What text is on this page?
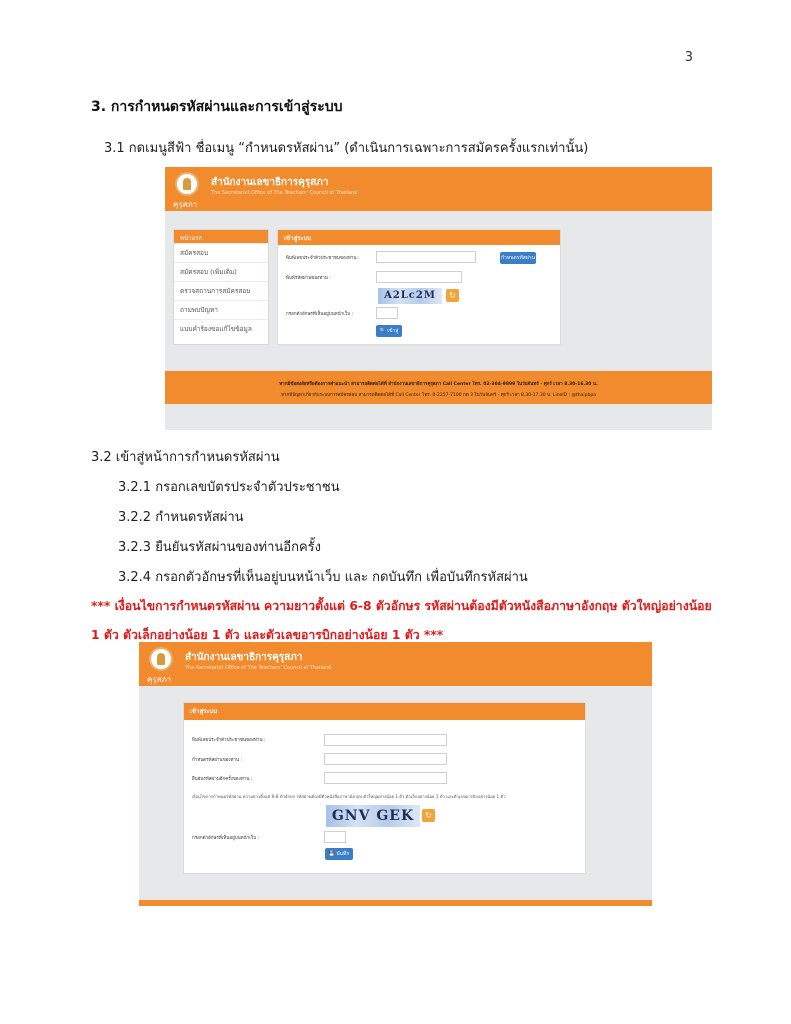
3
3. การกำหนดรหัสผ่านและการเข้าสู่ระบบ
3.1 กดเมนูสีฟ้า ชื่อเมนู “กำหนดรหัสผ่าน” (ดำเนินการเฉพาะการสมัครครั้งแรกเท่านั้น)
คุรุสภา
สำนักงานเลขาธิการคุรุสภา
The Secretariat Office of The Teachers' Council of Thailand
หน้าแรก
สมัครสอบ
สมัครสอบ (เพิ่มเติม)
ตรวจสถานการสมัครสอบ
ถามพบปัญหา
แบบคำร้องขอแก้ไขข้อมูล
เข้าสู่ระบบ
พิมพ์เลขประจำตัวประชาชนของท่าน :	กำหนดรหัสผ่าน
พิมพ์รหัสผ่านของท่าน :
A2Lc2M	↻
กรอกตัวอักษรที่เห็นอยู่บนหน้าเว็บ :
🔍 เข้าสู่ระบบ
หากมีข้อสงสัยหรือต้องการคำแนะนำ สามารถติดต่อได้ที่ สำนักงานเลขาธิการคุรุสภา Call Center โทร. 02-304-9899 ในวันจันทร์ - ศุกร์ เวลา 8.30-16.30 น.
หากมีปัญหาเกี่ยวกับระบบการสมัครสอบ สามารถติดต่อได้ที่ Call Center โทร. 0-2257-7100 กด 3 ในวันจันทร์ - ศุกร์ เวลา 8.30-17.30 น. LineID : @thaipbpa
3.2 เข้าสู่หน้าการกำหนดรหัสผ่าน
3.2.1 กรอกเลขบัตรประจำตัวประชาชน
3.2.2 กำหนดรหัสผ่าน
3.2.3 ยืนยันรหัสผ่านของท่านอีกครั้ง
3.2.4 กรอกตัวอักษรที่เห็นอยู่บนหน้าเว็บ และ กดบันทึก เพื่อบันทึกรหัสผ่าน
*** เงื่อนไขการกำหนดรหัสผ่าน ความยาวตั้งแต่ 6-8 ตัวอักษร รหัสผ่านต้องมีตัวหนังสือภาษาอังกฤษ ตัวใหญ่อย่างน้อย
1 ตัว ตัวเล็กอย่างน้อย 1 ตัว และตัวเลขอารบิกอย่างน้อย 1 ตัว ***
คุรุสภา
สำนักงานเลขาธิการคุรุสภา
The Secretariat Office of The Teachers' Council of Thailand
เข้าสู่ระบบ
พิมพ์เลขประจำตัวประชาชนของท่าน :
กำหนดรหัสผ่านของท่าน :
ยืนยันรหัสผ่านอีกครั้งของท่าน :
เงื่อนไขการกำหนดรหัสผ่าน ความยาวตั้งแต่ 6-8 ตัวอักษร รหัสผ่านต้องมีตัวหนังสือภาษาอังกฤษ ตัวใหญ่อย่างน้อย 1 ตัว ตัวเล็กอย่างน้อย 1 ตัว และตัวเลขอารบิกอย่างน้อย 1 ตัว
GNV GEK	↻
กรอกตัวอักษรที่เห็นอยู่บนหน้าเว็บ :
💾 บันทึก
